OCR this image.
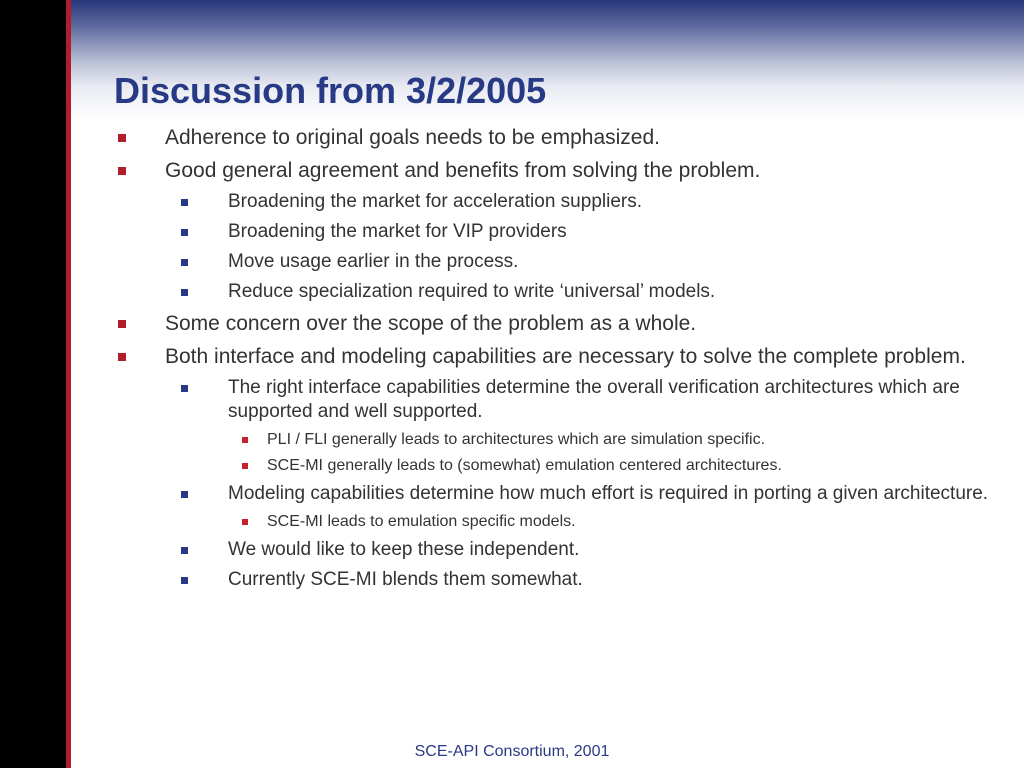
Discussion from 3/2/2005
Adherence to original goals needs to be emphasized.
Good general agreement and benefits from solving the problem.
Broadening the market for acceleration suppliers.
Broadening the market for VIP providers
Move usage earlier in the process.
Reduce specialization required to write ‘universal’ models.
Some concern over the scope of the problem as a whole.
Both interface and modeling capabilities are necessary to solve the complete problem.
The right interface capabilities determine the overall verification architectures which are supported and well supported.
PLI / FLI generally leads to architectures which are simulation specific.
SCE-MI generally leads to (somewhat) emulation centered architectures.
Modeling capabilities determine how much effort is required in porting a given architecture.
SCE-MI leads to emulation specific models.
We would like to keep these independent.
Currently SCE-MI blends them somewhat.
SCE-API Consortium, 2001
